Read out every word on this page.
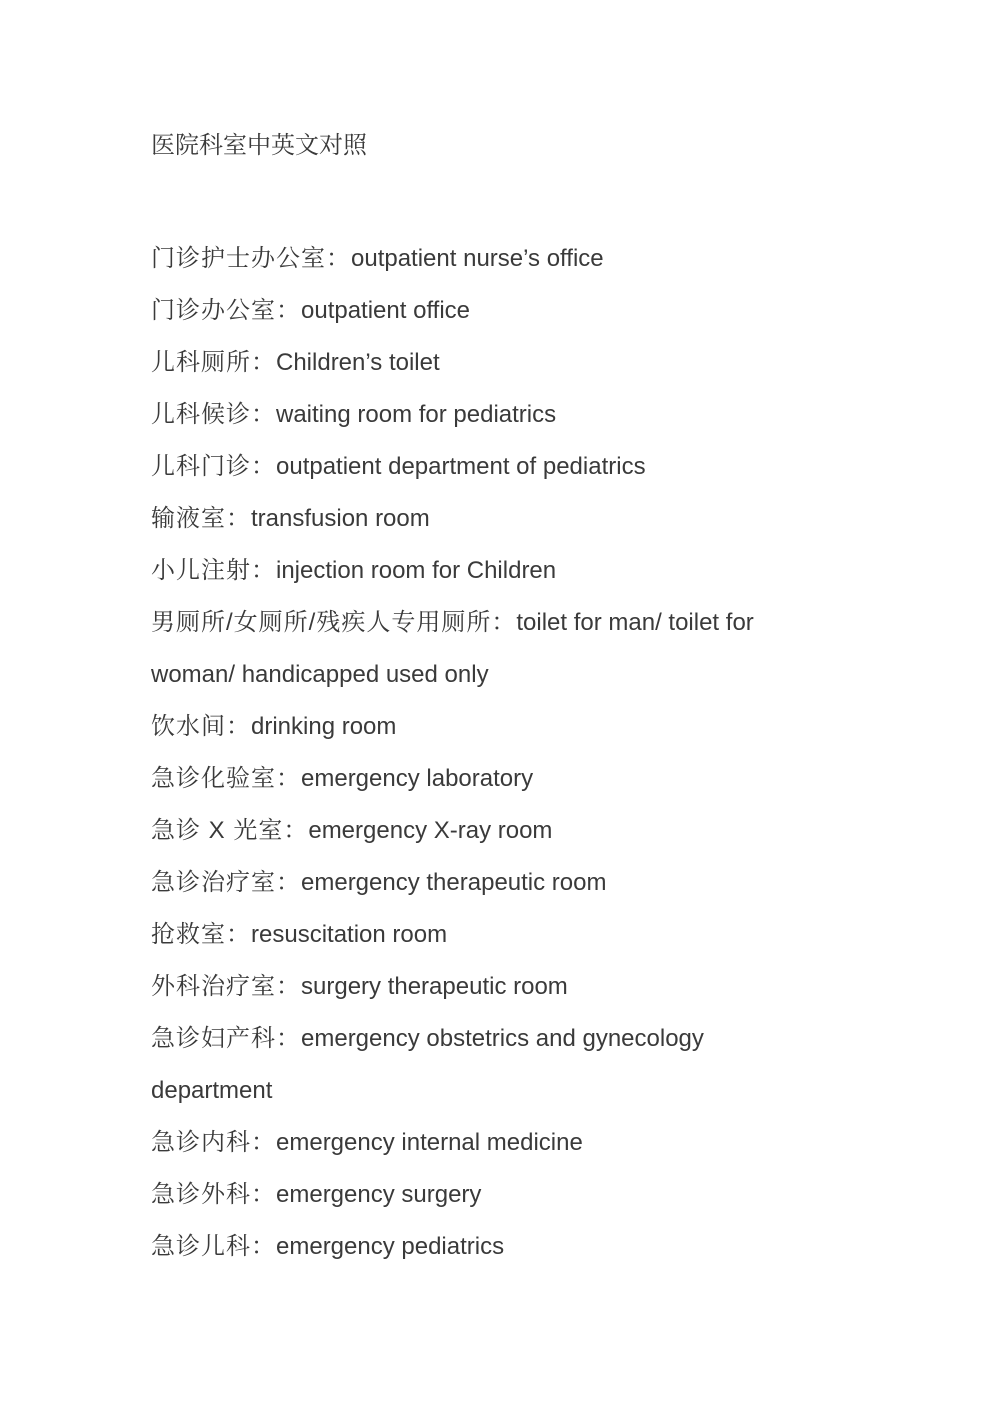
医院科室中英文对照
门诊护士办公室：outpatient nurse’s office
门诊办公室：outpatient office
儿科厕所：Children’s toilet
儿科候诊：waiting room for pediatrics
儿科门诊：outpatient department of pediatrics
输液室：transfusion room
小儿注射：injection room for Children
男厕所/女厕所/残疾人专用厕所：toilet for man/ toilet for woman/ handicapped used only
饮水间：drinking room
急诊化验室：emergency laboratory
急诊 X 光室：emergency X-ray room
急诊治疗室：emergency therapeutic room
抢救室：resuscitation room
外科治疗室：surgery therapeutic room
急诊妇产科：emergency obstetrics and gynecology department
急诊内科：emergency internal medicine
急诊外科：emergency surgery
急诊儿科：emergency pediatrics
